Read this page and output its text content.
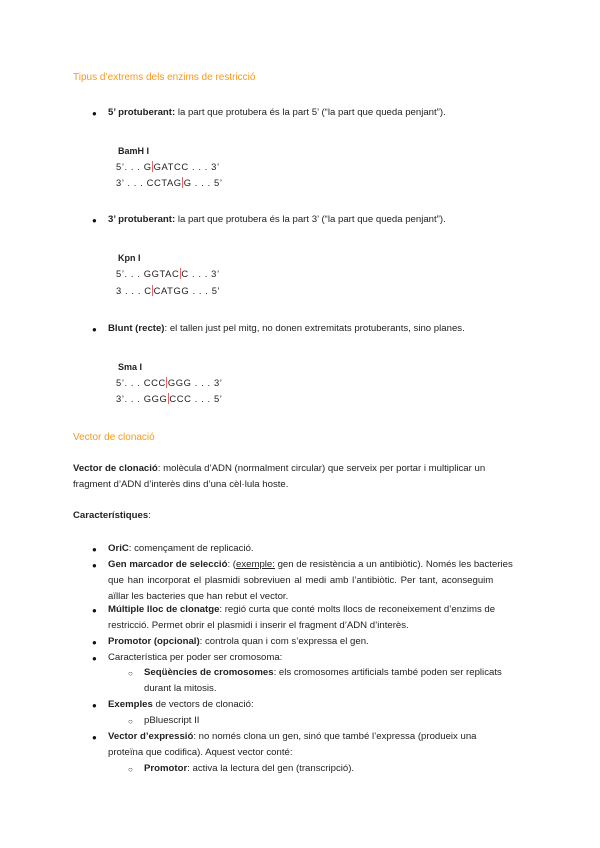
Tipus d’extrems dels enzims de restricció
● 5’ protuberant: la part que protubera és la part 5’ (“la part que queda penjant”).
BamH I
5’. . . G GATCC . . . 3’
3’ . . . CCTAG G . . . 5’
● 3’ protuberant: la part que protubera és la part 3’ (“la part que queda penjant”).
Kpn I
5’. . . GGTAC C . . . 3’
3 . . . C CATGG . . . 5’
● Blunt (recte): el tallen just pel mitg, no donen extremitats protuberants, sino planes.
Sma I
5’. . . CCC GGG . . . 3’
3’. . . GGG CCC . . . 5’
Vector de clonació
Vector de clonació: molècula d’ADN (normalment circular) que serveix per portar i multiplicar un
fragment d’ADN d’interès dins d’una cèl·lula hoste.
Característiques:
● OriC: començament de replicació.
● Gen marcador de selecció: (exemple: gen de resistència a un antibiòtic). Només les bacteries
que han incorporat el plasmidi sobreviuen al medi amb l’antibiòtic. Per tant, aconseguim
aïllar les bacteries que han rebut el vector.
● Múltiple lloc de clonatge: regió curta que conté molts llocs de reconeixement d’enzims de
restricció. Permet obrir el plasmidi i inserir el fragment d’ADN d’interès.
● Promotor (opcional): controla quan i com s’expressa el gen.
● Característica per poder ser cromosoma:
○ Seqüències de cromosomes: els cromosomes artificials també poden ser replicats
durant la mitosis.
● Exemples de vectors de clonació:
○ pBluescript II
● Vector d’expressió: no només clona un gen, sinó que també l’expressa (produeix una
proteïna que codifica). Aquest vector conté:
○ Promotor: activa la lectura del gen (transcripció).
